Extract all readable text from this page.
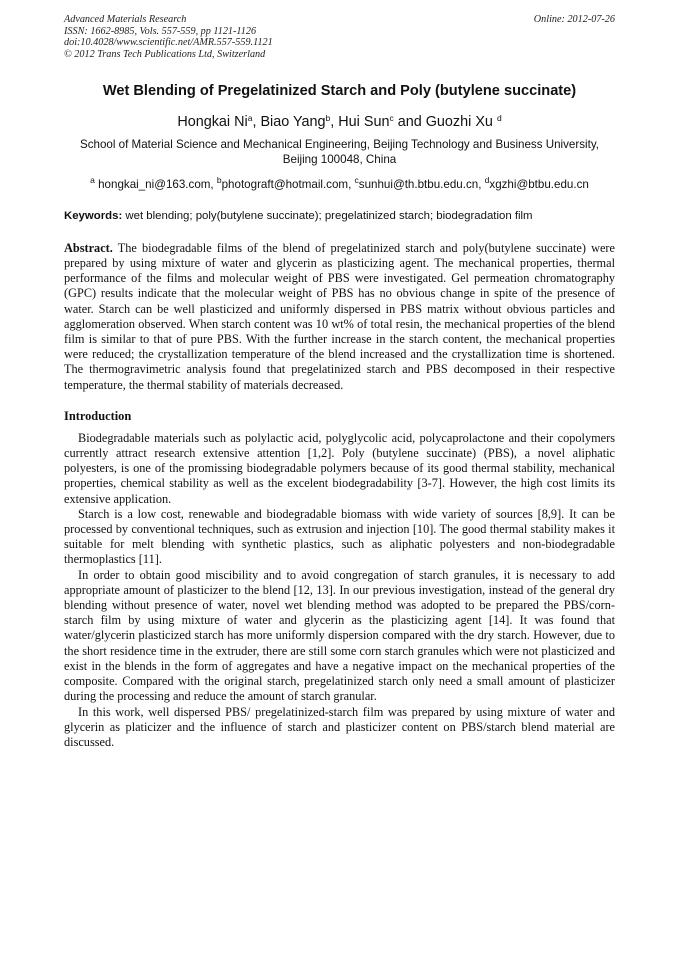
Advanced Materials Research
ISSN: 1662-8985, Vols. 557-559, pp 1121-1126
doi:10.4028/www.scientific.net/AMR.557-559.1121
© 2012 Trans Tech Publications Ltd, Switzerland
Online: 2012-07-26
Wet Blending of Pregelatinized Starch and Poly (butylene succinate)
Hongkai Ni$^a$, Biao Yang$^b$, Hui Sun$^c$ and Guozhi Xu $^d$
School of Material Science and Mechanical Engineering, Beijing Technology and Business University, Beijing 100048, China
$^a$ hongkai_ni@163.com, $^b$photograft@hotmail.com, $^c$sunhui@th.btbu.edu.cn, $^d$xgzhi@btbu.edu.cn
Keywords: wet blending; poly(butylene succinate); pregelatinized starch; biodegradation film
Abstract. The biodegradable films of the blend of pregelatinized starch and poly(butylene succinate) were prepared by using mixture of water and glycerin as plasticizing agent. The mechanical properties, thermal performance of the films and molecular weight of PBS were investigated. Gel permeation chromatography (GPC) results indicate that the molecular weight of PBS has no obvious change in spite of the presence of water. Starch can be well plasticized and uniformly dispersed in PBS matrix without obvious particles and agglomeration observed. When starch content was 10 wt% of total resin, the mechanical properties of the blend film is similar to that of pure PBS. With the further increase in the starch content, the mechanical properties were reduced; the crystallization temperature of the blend increased and the crystallization time is shortened. The thermogravimetric analysis found that pregelatinized starch and PBS decomposed in their respective temperature, the thermal stability of materials decreased.
Introduction

Biodegradable materials such as polylactic acid, polyglycolic acid, polycaprolactone and their copolymers currently attract research extensive attention [1,2]. Poly (butylene succinate) (PBS), a novel aliphatic polyesters, is one of the promissing biodegradable polymers because of its good thermal stability, mechanical properties, chemical stability as well as the excelent biodegradability [3-7]. However, the high cost limits its extensive application.

Starch is a low cost, renewable and biodegradable biomass with wide variety of sources [8,9]. It can be processed by conventional techniques, such as extrusion and injection [10]. The good thermal stability makes it suitable for melt blending with synthetic plastics, such as aliphatic polyesters and non-biodegradable thermoplastics [11].

In order to obtain good miscibility and to avoid congregation of starch granules, it is necessary to add appropriate amount of plasticizer to the blend [12, 13]. In our previous investigation, instead of the general dry blending without presence of water, novel wet blending method was adopted to be prepared the PBS/corn-starch film by using mixture of water and glycerin as the plasticizing agent [14]. It was found that water/glycerin plasticized starch has more uniformly dispersion compared with the dry starch. However, due to the short residence time in the extruder, there are still some corn starch granules which were not plasticized and exist in the blends in the form of aggregates and have a negative impact on the mechanical properties of the composite. Compared with the original starch, pregelatinized starch only need a small amount of plasticizer during the processing and reduce the amount of starch granular.

In this work, well dispersed PBS/ pregelatinized-starch film was prepared by using mixture of water and glycerin as platicizer and the influence of starch and plasticizer content on PBS/starch blend material are discussed.
